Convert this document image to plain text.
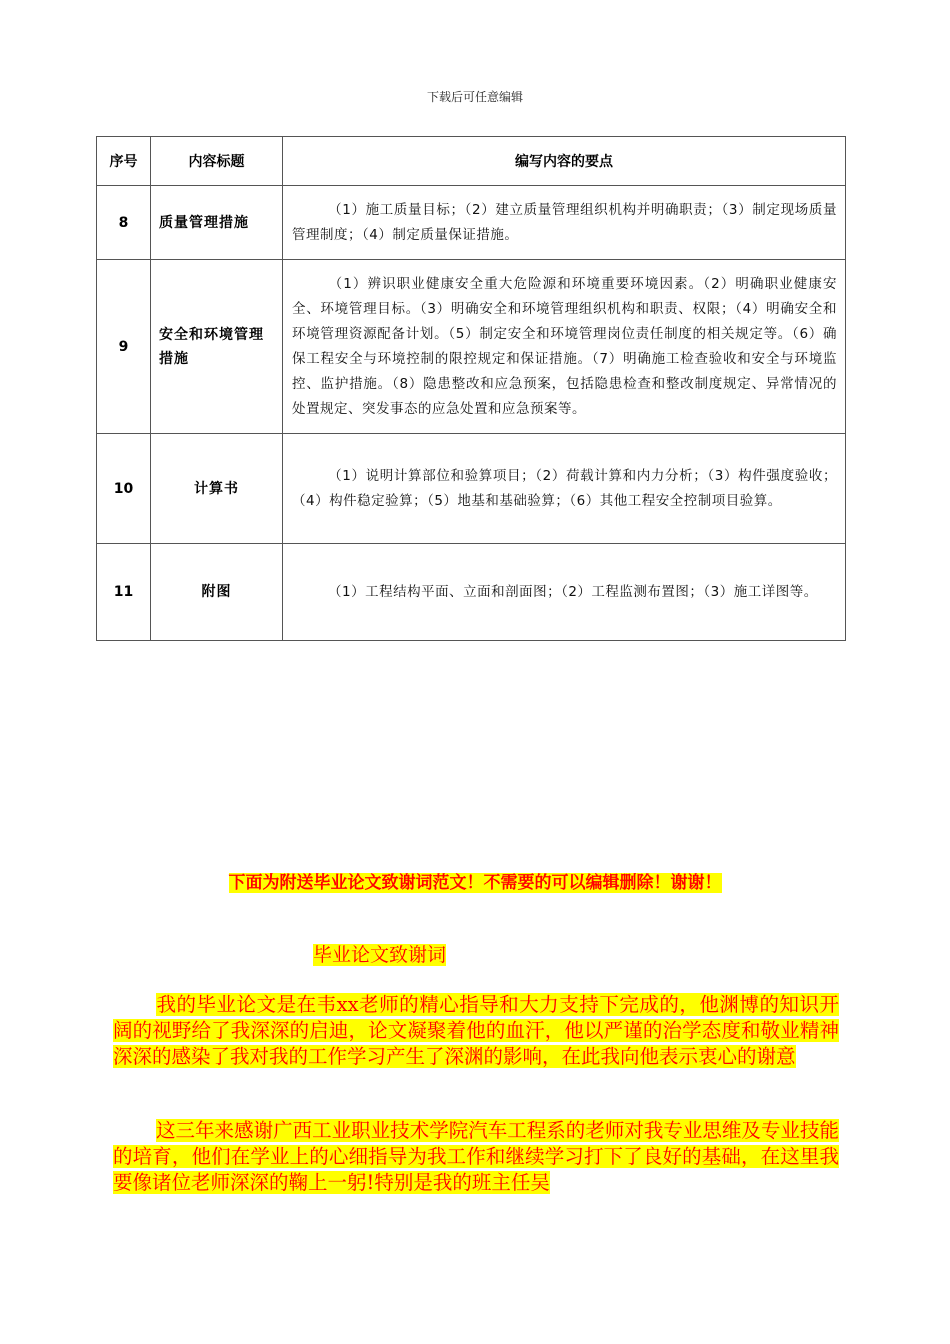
下载后可任意编辑
序号	内容标题	编写内容的要点
8	质量管理措施	（1）施工质量目标；（2）建立质量管理组织机构并明确职责；（3）制定现场质量管理制度；（4）制定质量保证措施。
9	安全和环境管理措施	（1）辨识职业健康安全重大危险源和环境重要环境因素。（2）明确职业健康安全、环境管理目标。（3）明确安全和环境管理组织机构和职责、权限；（4）明确安全和环境管理资源配备计划。（5）制定安全和环境管理岗位责任制度的相关规定等。（6）确保工程安全与环境控制的限控规定和保证措施。（7）明确施工检查验收和安全与环境监控、监护措施。（8）隐患整改和应急预案，包括隐患检查和整改制度规定、异常情况的处置规定、突发事态的应急处置和应急预案等。
10	计算书	（1）说明计算部位和验算项目；（2）荷载计算和内力分析；（3）构件强度验收；（4）构件稳定验算；（5）地基和基础验算；（6）其他工程安全控制项目验算。
11	附图	（1）工程结构平面、立面和剖面图；（2）工程监测布置图；（3）施工详图等。
下面为附送毕业论文致谢词范文！不需要的可以编辑删除！谢谢！
毕业论文致谢词

我的毕业论文是在韦xx老师的精心指导和大力支持下完成的，他渊博的知识开阔的视野给了我深深的启迪，论文凝聚着他的血汗，他以严谨的治学态度和敬业精神深深的感染了我对我的工作学习产生了深渊的影响，在此我向他表示衷心的谢意

这三年来感谢广西工业职业技术学院汽车工程系的老师对我专业思维及专业技能的培育，他们在学业上的心细指导为我工作和继续学习打下了良好的基础，在这里我要像诸位老师深深的鞠上一躬!特别是我的班主任吴
